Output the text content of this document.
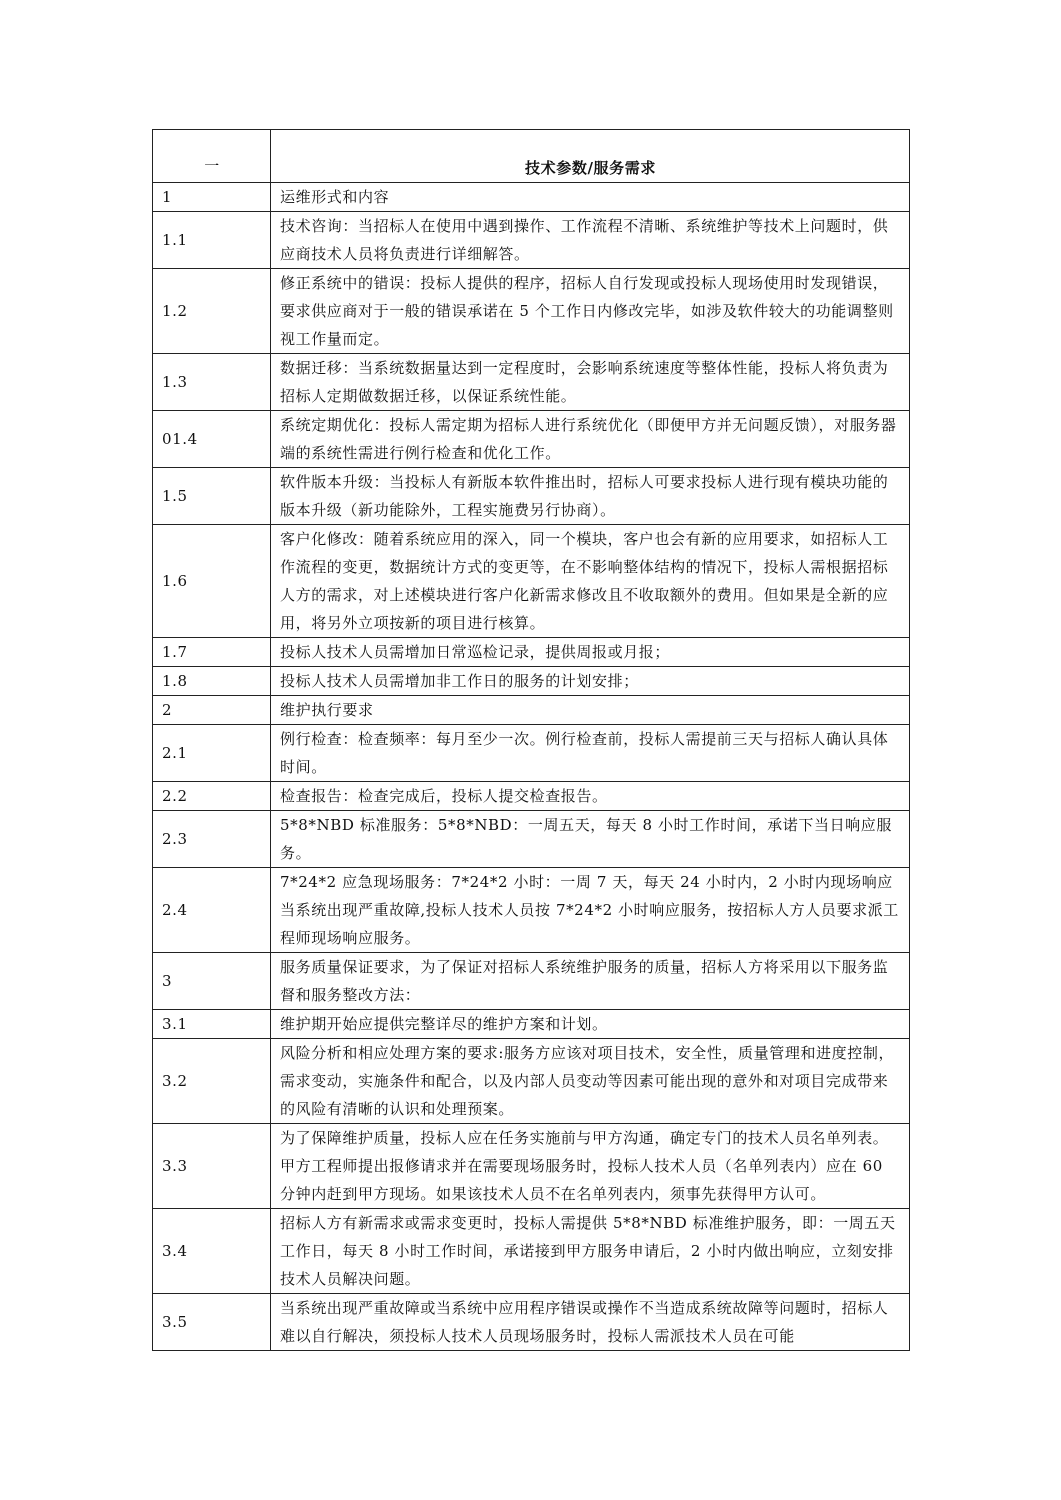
一	技术参数/服务需求
1	运维形式和内容
1.1	技术咨询：当招标人在使用中遇到操作、工作流程不清晰、系统维护等技术上问题时，供应商技术人员将负责进行详细解答。
1.2	修正系统中的错误：投标人提供的程序，招标人自行发现或投标人现场使用时发现错误，要求供应商对于一般的错误承诺在 5 个工作日内修改完毕，如涉及软件较大的功能调整则视工作量而定。
1.3	数据迁移：当系统数据量达到一定程度时，会影响系统速度等整体性能，投标人将负责为招标人定期做数据迁移，以保证系统性能。
01.4	系统定期优化：投标人需定期为招标人进行系统优化（即便甲方并无问题反馈），对服务器端的系统性需进行例行检查和优化工作。
1.5	软件版本升级：当投标人有新版本软件推出时，招标人可要求投标人进行现有模块功能的版本升级（新功能除外，工程实施费另行协商）。
1.6	客户化修改：随着系统应用的深入，同一个模块，客户也会有新的应用要求，如招标人工作流程的变更，数据统计方式的变更等，在不影响整体结构的情况下，投标人需根据招标人方的需求，对上述模块进行客户化新需求修改且不收取额外的费用。但如果是全新的应用，将另外立项按新的项目进行核算。
1.7	投标人技术人员需增加日常巡检记录，提供周报或月报；
1.8	投标人技术人员需增加非工作日的服务的计划安排；
2	维护执行要求
2.1	例行检查：检查频率：每月至少一次。例行检查前，投标人需提前三天与招标人确认具体时间。
2.2	检查报告：检查完成后，投标人提交检查报告。
2.3	5*8*NBD 标准服务：5*8*NBD：一周五天，每天 8 小时工作时间，承诺下当日响应服务。
2.4	7*24*2 应急现场服务：7*24*2 小时：一周 7 天，每天 24 小时内，2 小时内现场响应当系统出现严重故障,投标人技术人员按 7*24*2 小时响应服务，按招标人方人员要求派工程师现场响应服务。
3	服务质量保证要求，为了保证对招标人系统维护服务的质量，招标人方将采用以下服务监督和服务整改方法：
3.1	维护期开始应提供完整详尽的维护方案和计划。
3.2	风险分析和相应处理方案的要求:服务方应该对项目技术，安全性，质量管理和进度控制，需求变动，实施条件和配合，以及内部人员变动等因素可能出现的意外和对项目完成带来的风险有清晰的认识和处理预案。
3.3	为了保障维护质量，投标人应在任务实施前与甲方沟通，确定专门的技术人员名单列表。甲方工程师提出报修请求并在需要现场服务时，投标人技术人员（名单列表内）应在 60 分钟内赶到甲方现场。如果该技术人员不在名单列表内，须事先获得甲方认可。
3.4	招标人方有新需求或需求变更时，投标人需提供 5*8*NBD 标准维护服务，即：一周五天工作日，每天 8 小时工作时间，承诺接到甲方服务申请后，2 小时内做出响应，立刻安排技术人员解决问题。
3.5	当系统出现严重故障或当系统中应用程序错误或操作不当造成系统故障等问题时，招标人难以自行解决，须投标人技术人员现场服务时，投标人需派技术人员在可能
